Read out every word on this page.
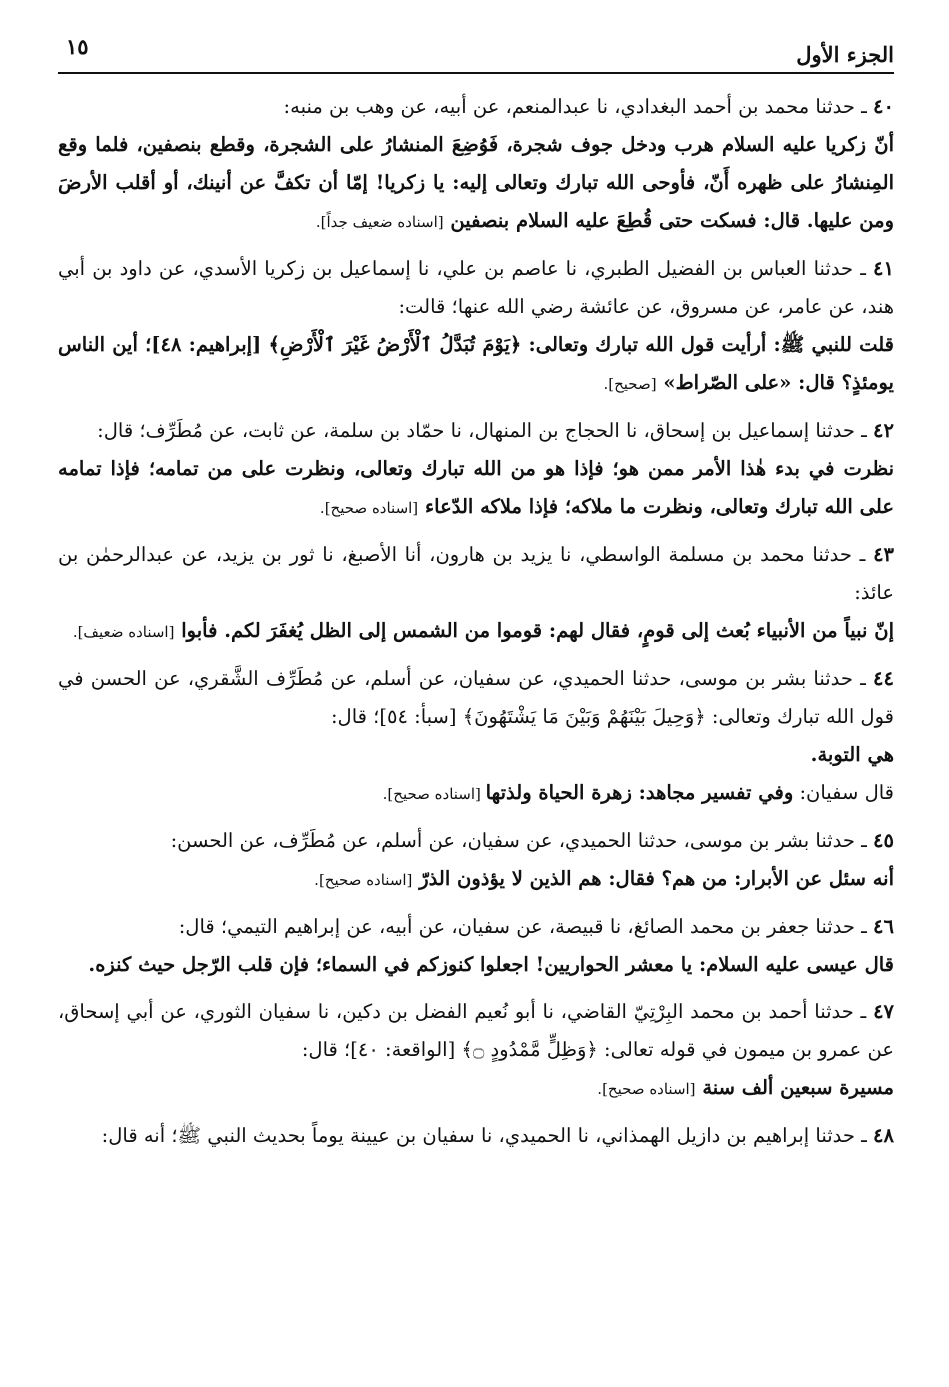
الجزء الأول
١٥

٤٠ ـ حدثنا محمد بن أحمد البغدادي، نا عبدالمنعم، عن أبيه، عن وهب بن منبه:

أنّ زكريا عليه السلام هرب ودخل جوف شجرة، فَوُضِعَ المنشارُ على الشجرة، وقطع بنصفين، فلما وقع المِنشارُ على ظهره أَنّ، فأوحى الله تبارك وتعالى إليه: يا زكريا! إمّا أن تكفَّ عن أنينك، أو أقلب الأرضَ ومن عليها. قال: فسكت حتى قُطِعَ عليه السلام بنصفين [اسناده ضعيف جداً].

٤١ ـ حدثنا العباس بن الفضيل الطبري، نا عاصم بن علي، نا إسماعيل بن زكريا الأسدي، عن داود بن أبي هند، عن عامر، عن مسروق، عن عائشة رضي الله عنها؛ قالت:

قلت للنبي ﷺ: أرأيت قول الله تبارك وتعالى: ﴿يَوْمَ تُبَدَّلُ ٱلْأَرْضُ غَيْرَ ٱلْأَرْضِ﴾ [إبراهيم: ٤٨]؛ أين الناس يومئذٍ؟ قال: «على الصّراط» [صحيح].

٤٢ ـ حدثنا إسماعيل بن إسحاق، نا الحجاج بن المنهال، نا حمّاد بن سلمة، عن ثابت، عن مُطَرِّف؛ قال:

نظرت في بدء هٰذا الأمر ممن هو؛ فإذا هو من الله تبارك وتعالى، ونظرت على من تمامه؛ فإذا تمامه على الله تبارك وتعالى، ونظرت ما ملاكه؛ فإذا ملاكه الدّعاء [اسناده صحيح].

٤٣ ـ حدثنا محمد بن مسلمة الواسطي، نا يزيد بن هارون، أنا الأصبغ، نا ثور بن يزيد، عن عبدالرحمٰن بن عائذ:

إنّ نبياً من الأنبياء بُعث إلى قومٍ، فقال لهم: قوموا من الشمس إلى الظل يُغفَرَ لكم. فأبوا [اسناده ضعيف].

٤٤ ـ حدثنا بشر بن موسى، حدثنا الحميدي، عن سفيان، عن أسلم، عن مُطَرِّف الشَّقري، عن الحسن في قول الله تبارك وتعالى: ﴿وَحِيلَ بَيْنَهُمْ وَبَيْنَ مَا يَشْتَهُونَ﴾ [سبأ: ٥٤]؛ قال:

هي التوبة.

قال سفيان: وفي تفسير مجاهد: زهرة الحياة ولذتها [اسناده صحيح].

٤٥ ـ حدثنا بشر بن موسى، حدثنا الحميدي، عن سفيان، عن أسلم، عن مُطَرِّف، عن الحسن:

أنه سئل عن الأبرار: من هم؟ فقال: هم الذين لا يؤذون الذرّ [اسناده صحيح].

٤٦ ـ حدثنا جعفر بن محمد الصائغ، نا قبيصة، عن سفيان، عن أبيه، عن إبراهيم التيمي؛ قال:

قال عيسى عليه السلام: يا معشر الحواريين! اجعلوا كنوزكم في السماء؛ فإن قلب الرّجل حيث كنزه.

٤٧ ـ حدثنا أحمد بن محمد البِرْتِيّ القاضي، نا أبو نُعيم الفضل بن دكين، نا سفيان الثوري، عن أبي إسحاق، عن عمرو بن ميمون في قوله تعالى: ﴿وَظِلٍّ مَّمْدُودٍ ۝﴾ [الواقعة: ٤٠]؛ قال:

مسيرة سبعين ألف سنة [اسناده صحيح].

٤٨ ـ حدثنا إبراهيم بن دازيل الهمذاني، نا الحميدي، نا سفيان بن عيينة يوماً بحديث النبي ﷺ؛ أنه قال:
